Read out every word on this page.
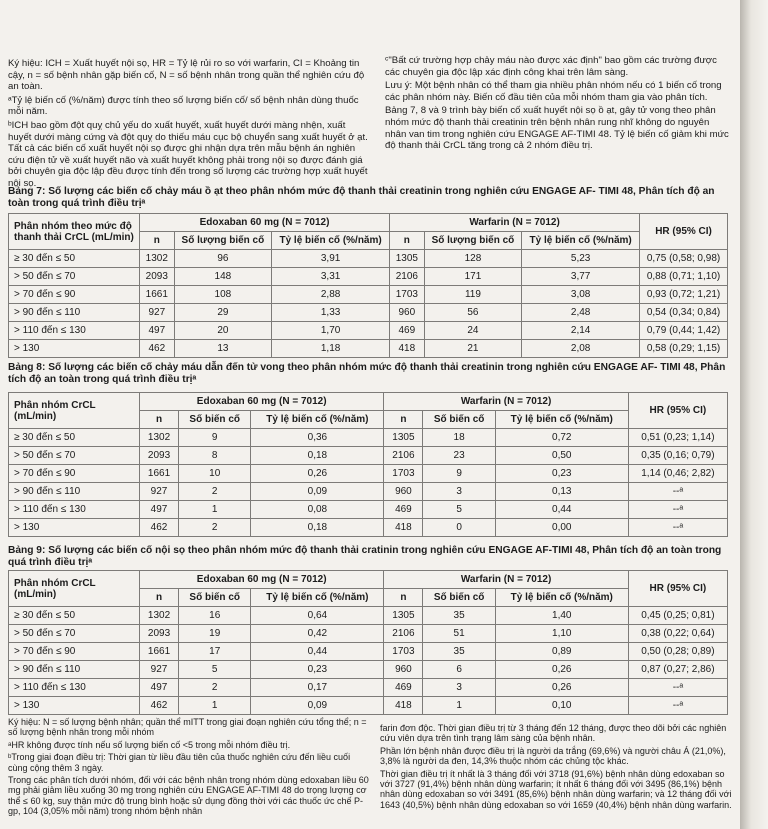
Ký hiệu: ICH = Xuất huyết nội sọ, HR = Tỷ lệ rủi ro so với warfarin, CI = Khoảng tin cậy, n = số bệnh nhân gặp biến cố, N = số bệnh nhân trong quần thể nghiên cứu độ an toàn.

ᵃTỷ lệ biến cố (%/năm) được tính theo số lượng biến cố/ số bệnh nhân dùng thuốc mỗi năm.

ᵇICH bao gồm đột quỵ chủ yếu do xuất huyết, xuất huyết dưới màng nhện, xuất huyết dưới màng cứng và đột quỵ do thiếu máu cục bộ chuyển sang xuất huyết ở ạt. Tất cả các biến cố xuất huyết nội sọ được ghi nhận dựa trên mẫu bệnh án nghiên cứu điện tử về xuất huyết não và xuất huyết không phải trong nội sọ được đánh giá bởi chuyên gia độc lập đều được tính đến trong số lượng các trường hợp xuất huyết nội sọ.

ᶜ"Bất cứ trường hợp chảy máu nào được xác định" bao gồm các trường được các chuyên gia độc lập xác định công khai trên lâm sàng.

Lưu ý: Một bệnh nhân có thể tham gia nhiều phân nhóm nếu có 1 biến cố trong các phân nhóm này. Biến cố đầu tiên của mỗi nhóm tham gia vào phân tích.

Bảng 7, 8 và 9 trình bày biến cố xuất huyết nội sọ ồ ạt, gây tử vong theo phân nhóm mức độ thanh thải creatinin trên bệnh nhân rung nhĩ không do nguyên nhân van tim trong nghiên cứu ENGAGE AF-TIMI 48. Tỷ lệ biến cố giảm khi mức độ thanh thải CrCL tăng trong cả 2 nhóm điều trị.

Bảng 7: Số lượng các biến cố chảy máu ồ ạt theo phân nhóm mức độ thanh thải creatinin trong nghiên cứu ENGAGE AF- TIMI 48, Phân tích độ an toàn trong quá trình điều trịᵃ
Phân nhóm theo mức độ thanh thải CrCL (mL/min)	Edoxaban 60 mg (N = 7012)			Warfarin (N = 7012)			HR (95% CI)
	n	Số lượng biến cố	Tỷ lệ biến cố (%/năm)	n	Số lượng biến cố	Tỷ lệ biến cố (%/năm)	
≥ 30 đến ≤ 50	1302	96	3,91	1305	128	5,23	0,75 (0,58; 0,98)
> 50 đến ≤ 70	2093	148	3,31	2106	171	3,77	0,88 (0,71; 1,10)
> 70 đến ≤ 90	1661	108	2,88	1703	119	3,08	0,93 (0,72; 1,21)
> 90 đến ≤ 110	927	29	1,33	960	56	2,48	0,54 (0,34; 0,84)
> 110 đến ≤ 130	497	20	1,70	469	24	2,14	0,79 (0,44; 1,42)
> 130	462	13	1,18	418	21	2,08	0,58 (0,29; 1,15)
Bảng 8: Số lượng các biến cố chảy máu dẫn đến tử vong theo phân nhóm mức độ thanh thải creatinin trong nghiên cứu ENGAGE AF- TIMI 48, Phân tích độ an toàn trong quá trình điều trịᵃ
Phân nhóm CrCL (mL/min)	Edoxaban 60 mg (N = 7012)			Warfarin (N = 7012)			HR (95% CI)
	n	Số biến cố	Tỷ lệ biến cố (%/năm)	n	Số biến cố	Tỷ lệ biến cố (%/năm)	
≥ 30 đến ≤ 50	1302	9	0,36	1305	18	0,72	0,51 (0,23; 1,14)
> 50 đến ≤ 70	2093	8	0,18	2106	23	0,50	0,35 (0,16; 0,79)
> 70 đến ≤ 90	1661	10	0,26	1703	9	0,23	1,14 (0,46; 2,82)
> 90 đến ≤ 110	927	2	0,09	960	3	0,13	--ᵃ
> 110 đến ≤ 130	497	1	0,08	469	5	0,44	--ᵃ
> 130	462	2	0,18	418	0	0,00	--ᵃ
Bảng 9: Số lượng các biến cố nội sọ theo phân nhóm mức độ thanh thải cratinin trong nghiên cứu ENGAGE AF-TIMI 48, Phân tích độ an toàn trong quá trình điều trịᵃ
Phân nhóm CrCL (mL/min)	Edoxaban 60 mg (N = 7012)			Warfarin (N = 7012)			HR (95% CI)
	n	Số biến cố	Tỷ lệ biến cố (%/năm)	n	Số biến cố	Tỷ lệ biến cố (%/năm)	
≥ 30 đến ≤ 50	1302	16	0,64	1305	35	1,40	0,45 (0,25; 0,81)
> 50 đến ≤ 70	2093	19	0,42	2106	51	1,10	0,38 (0,22; 0,64)
> 70 đến ≤ 90	1661	17	0,44	1703	35	0,89	0,50 (0,28; 0,89)
> 90 đến ≤ 110	927	5	0,23	960	6	0,26	0,87 (0,27; 2,86)
> 110 đến ≤ 130	497	2	0,17	469	3	0,26	--ᵃ
> 130	462	1	0,09	418	1	0,10	--ᵃ

Ký hiệu: N = số lượng bệnh nhân; quần thể mITT trong giai đoạn nghiên cứu tổng thể; n = số lượng bệnh nhân trong mỗi nhóm

ᵃHR không được tính nếu số lượng biến cố <5 trong mỗi nhóm điều trị.

ᵇTrong giai đoạn điều trị: Thời gian từ liều đầu tiên của thuốc nghiên cứu đến liều cuối cùng cộng thêm 3 ngày.

Trong các phân tích dưới nhóm, đối với các bệnh nhân trong nhóm dùng edoxaban liều 60 mg phải giảm liều xuống 30 mg trong nghiên cứu ENGAGE AF-TIMI 48 do trọng lượng cơ thể ≤ 60 kg, suy thận mức độ trung bình hoặc sử dụng đồng thời với các thuốc ức chế P-gp, 104 (3,05% mỗi năm) trong nhóm bệnh nhân

farin đơn độc. Thời gian điều trị từ 3 tháng đến 12 tháng, được theo dõi bởi các nghiên cứu viên dựa trên tình trạng lâm sàng của bệnh nhân.

Phần lớn bệnh nhân được điều trị là người da trắng (69,6%) và người châu Á (21,0%), 3,8% là người da đen, 14,3% thuộc nhóm các chủng tộc khác.

Thời gian điều trị ít nhất là 3 tháng đối với 3718 (91,6%) bệnh nhân dùng edoxaban so với 3727 (91,4%) bệnh nhân dùng warfarin; ít nhất 6 tháng đối với 3495 (86,1%) bệnh nhân dùng edoxaban so với 3491 (85,6%) bệnh nhân dùng warfarin; và 12 tháng đối với 1643 (40,5%) bệnh nhân dùng edoxaban so với 1659 (40,4%) bệnh nhân dùng warfarin.
